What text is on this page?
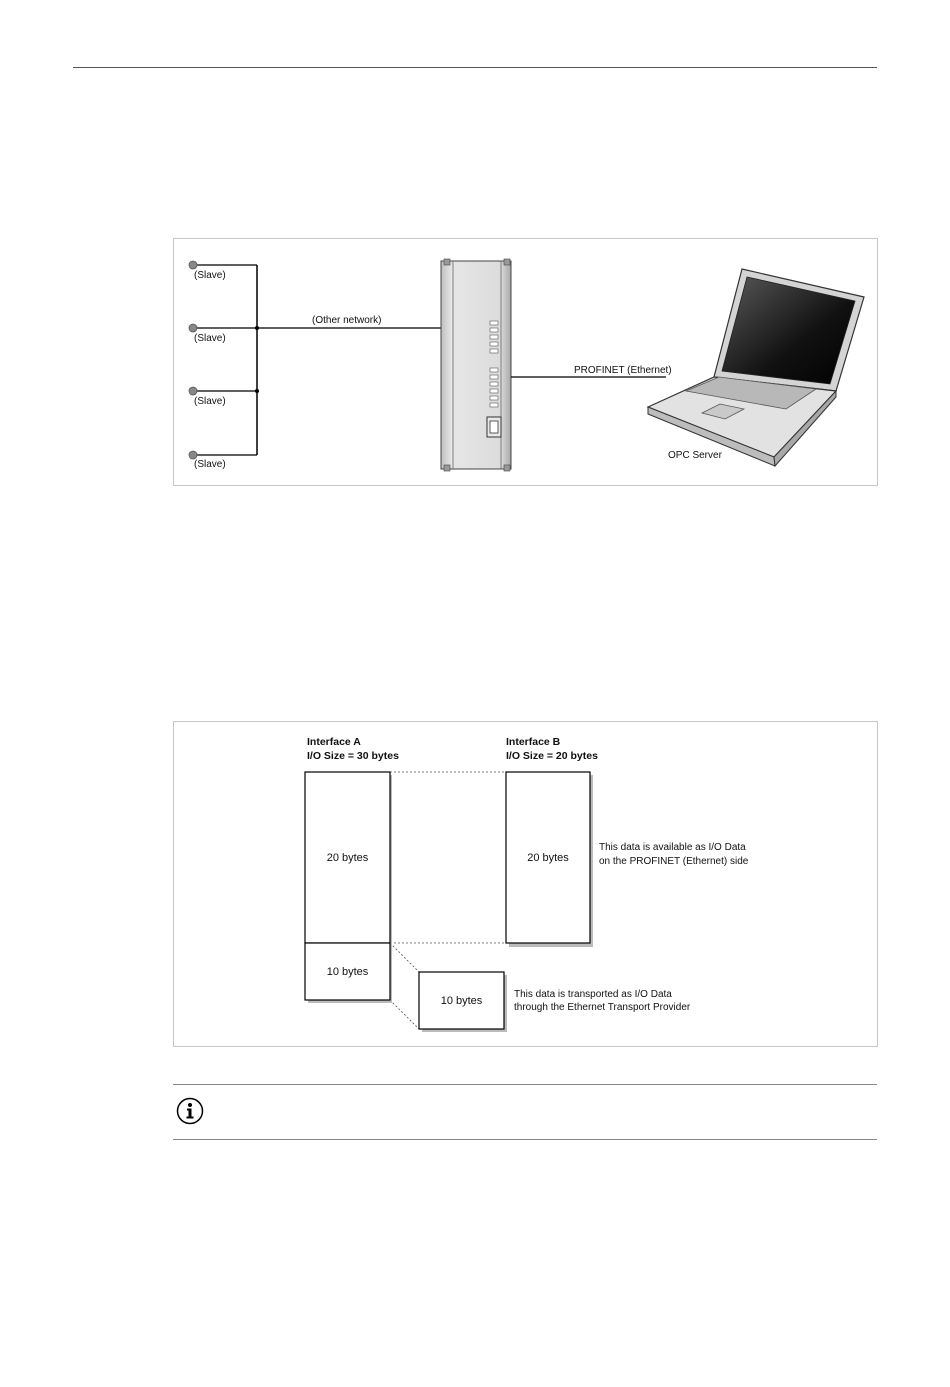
(Slave)
(Slave)
(Slave)
(Slave)
(Other network)
PROFINET (Ethernet)
OPC Server
Interface A
I/O Size = 30 bytes
Interface B
I/O Size = 20 bytes
20 bytes
10 bytes
20 bytes
10 bytes
This data is available as I/O Data
on the PROFINET (Ethernet) side
This data is transported as I/O Data
through the Ethernet Transport Provider
